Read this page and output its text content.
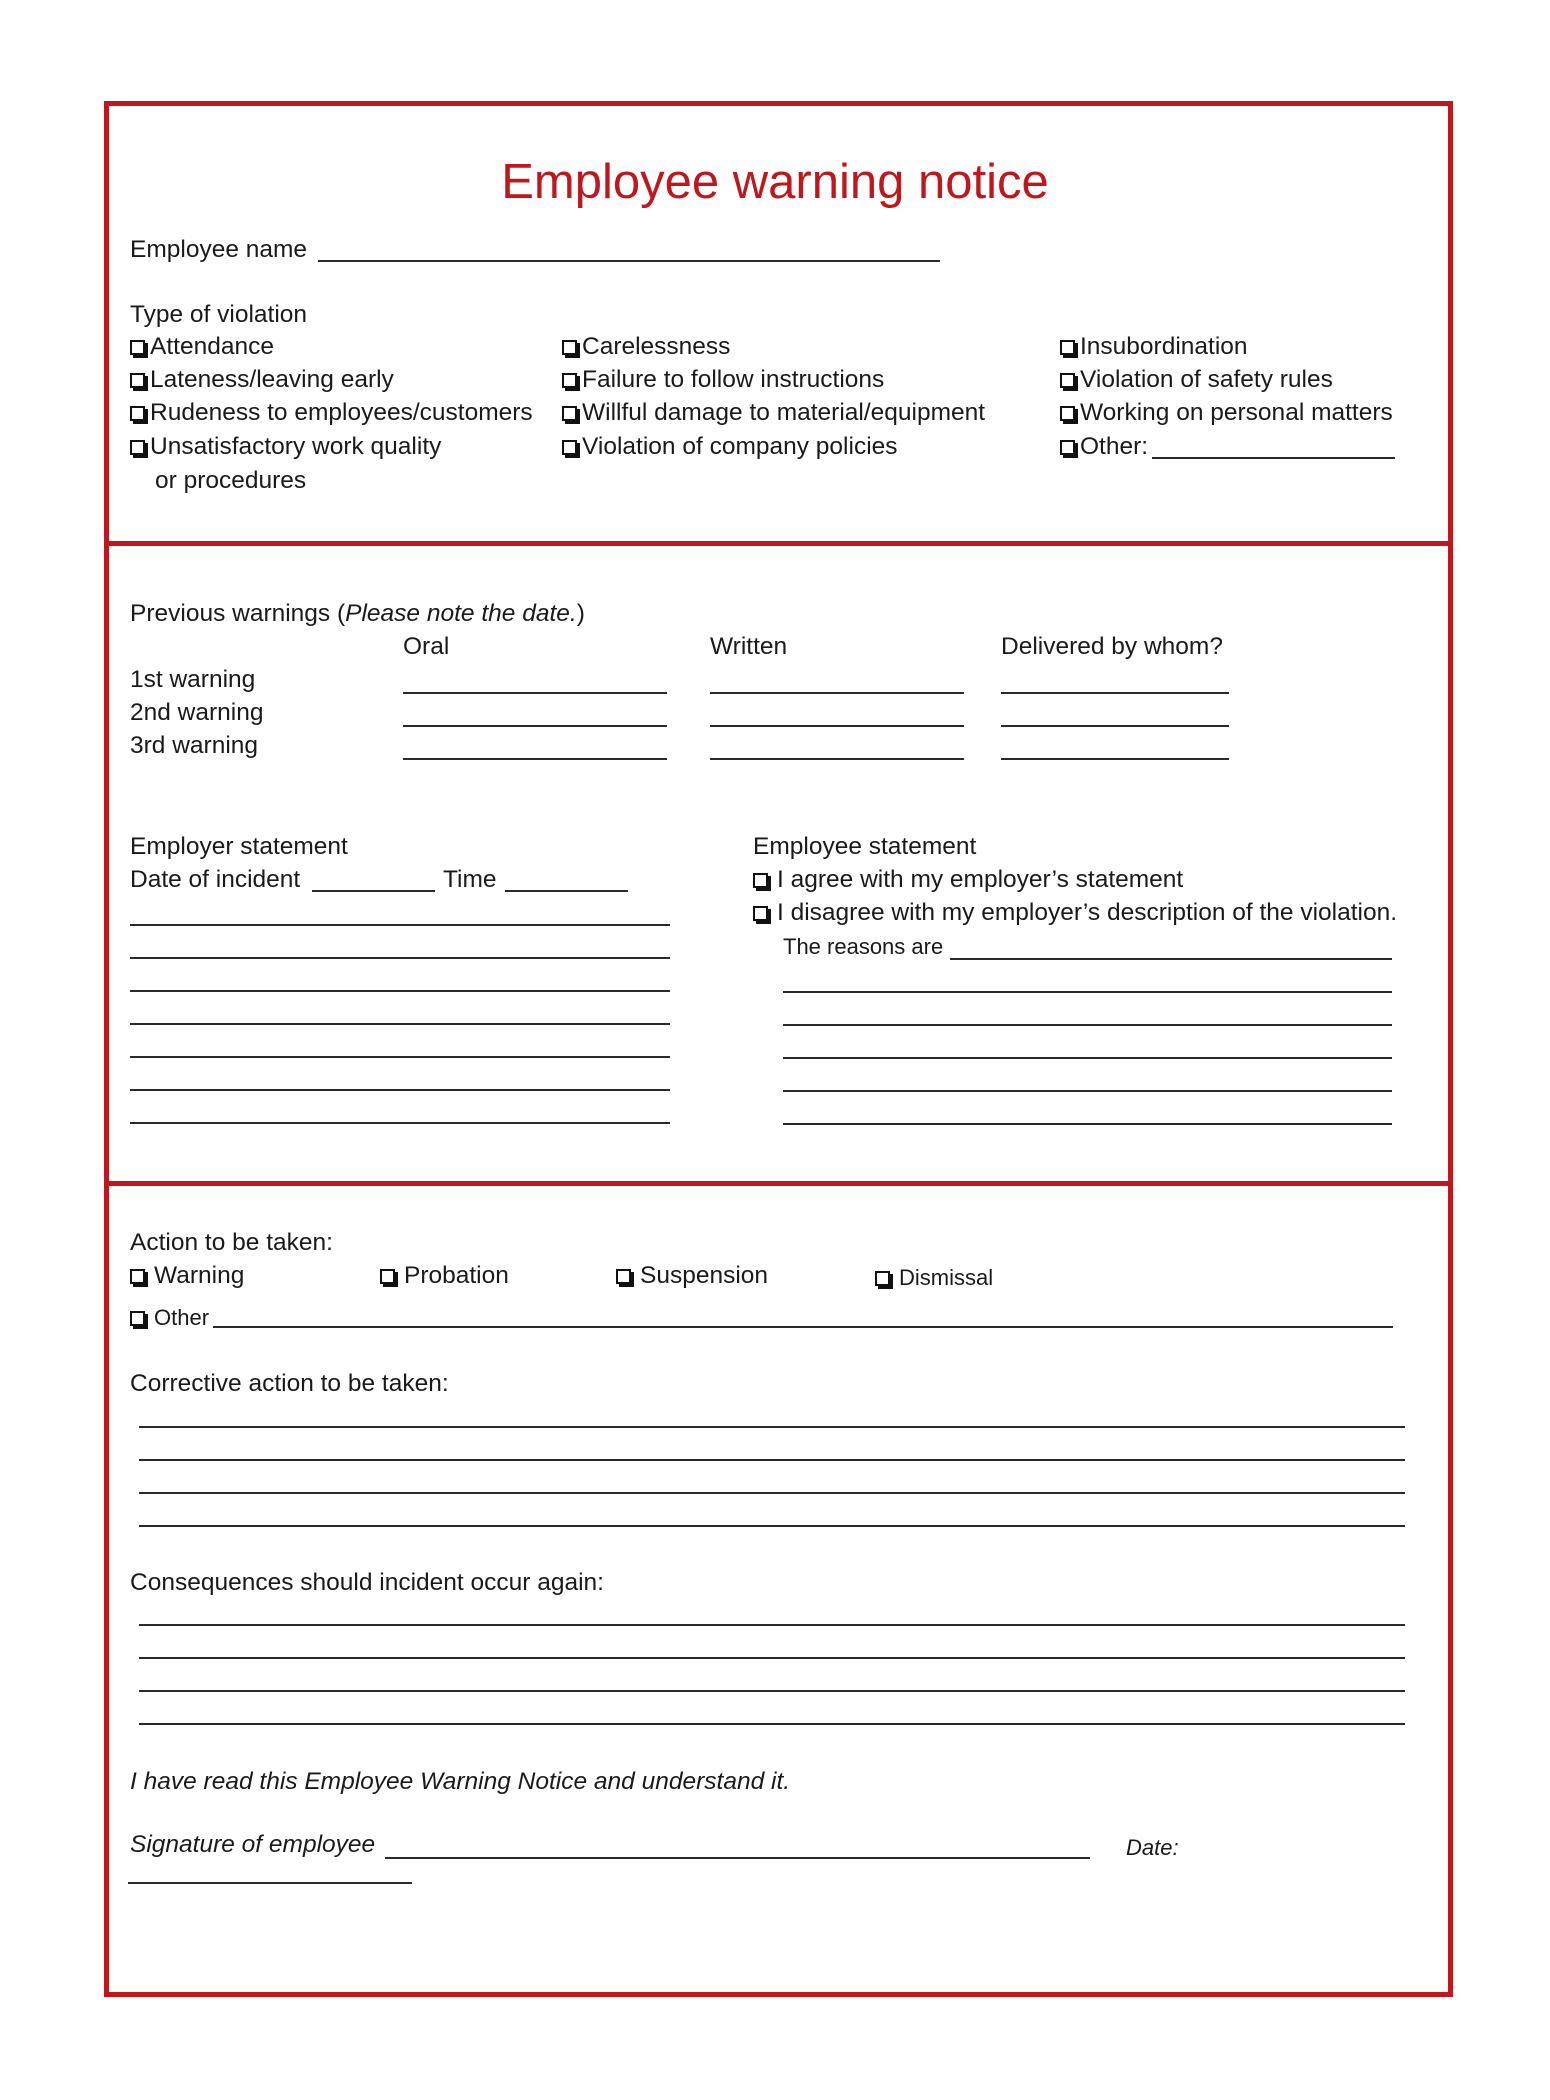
Employee warning notice
Employee name
Type of violation
Attendance
Lateness/leaving early
Rudeness to employees/customers
Unsatisfactory work quality
or procedures
Carelessness
Failure to follow instructions
Willful damage to material/equipment
Violation of company policies
Insubordination
Violation of safety rules
Working on personal matters
Other:
Previous warnings (Please note the date.)
Oral	Written	Delivered by whom?
1st warning
2nd warning
3rd warning
Employer statement
Date of incident	Time
Employee statement
I agree with my employer’s statement
I disagree with my employer’s description of the violation.
The reasons are
Action to be taken:
Warning	Probation	Suspension	Dismissal
Other
Corrective action to be taken:
Consequences should incident occur again:
I have read this Employee Warning Notice and understand it.
Signature of employee	Date:
